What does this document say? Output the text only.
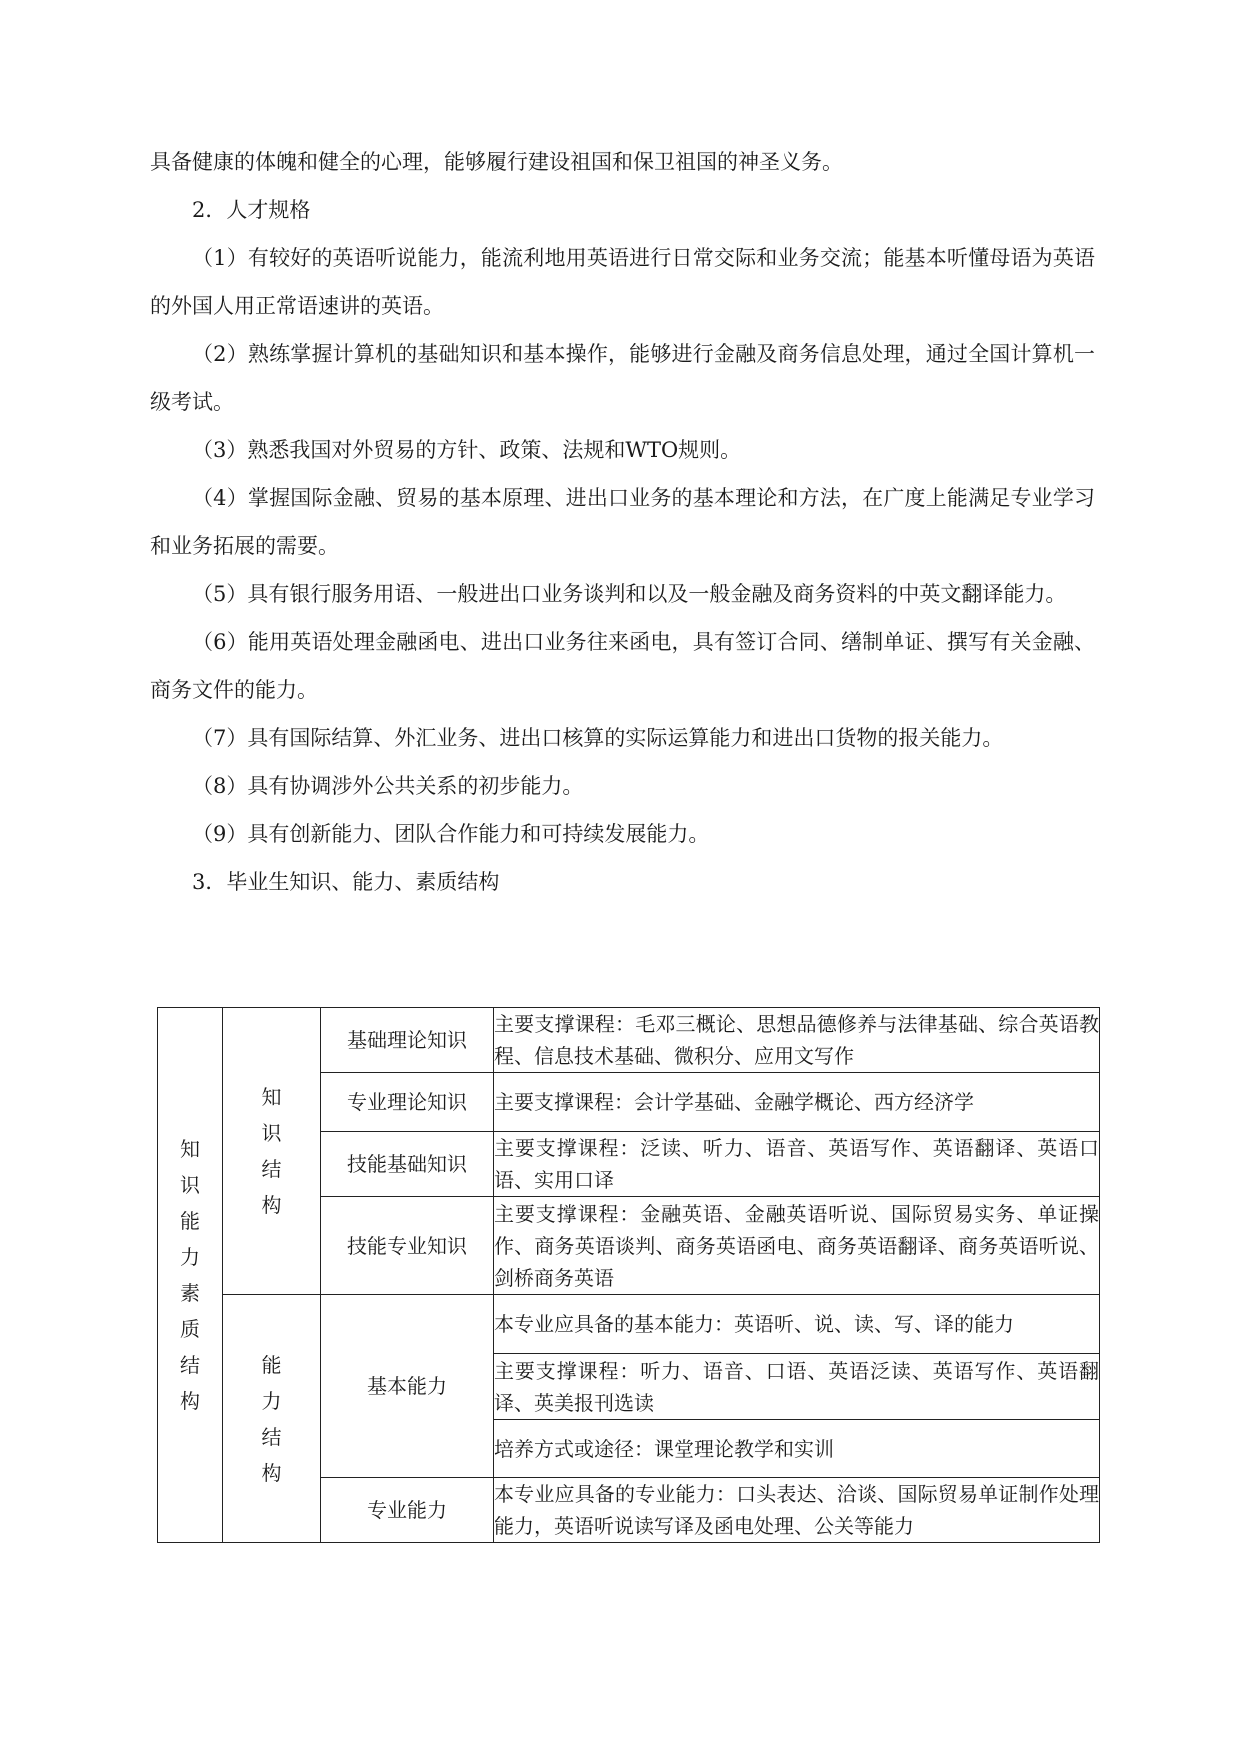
具备健康的体魄和健全的心理，能够履行建设祖国和保卫祖国的神圣义务。

2．人才规格

（1）有较好的英语听说能力，能流利地用英语进行日常交际和业务交流；能基本听懂母语为英语的外国人用正常语速讲的英语。

（2）熟练掌握计算机的基础知识和基本操作，能够进行金融及商务信息处理，通过全国计算机一级考试。

（3）熟悉我国对外贸易的方针、政策、法规和WTO规则。

（4）掌握国际金融、贸易的基本原理、进出口业务的基本理论和方法，在广度上能满足专业学习和业务拓展的需要。

（5）具有银行服务用语、一般进出口业务谈判和以及一般金融及商务资料的中英文翻译能力。

（6）能用英语处理金融函电、进出口业务往来函电，具有签订合同、缮制单证、撰写有关金融、商务文件的能力。

（7）具有国际结算、外汇业务、进出口核算的实际运算能力和进出口货物的报关能力。

（8）具有协调涉外公共关系的初步能力。

（9）具有创新能力、团队合作能力和可持续发展能力。

3．毕业生知识、能力、素质结构

知识能力素质结构	知识结构	基础理论知识	主要支撑课程：毛邓三概论、思想品德修养与法律基础、综合英语教程、信息技术基础、微积分、应用文写作
		专业理论知识	主要支撑课程：会计学基础、金融学概论、西方经济学
		技能基础知识	主要支撑课程：泛读、听力、语音、英语写作、英语翻译、英语口语、实用口译
		技能专业知识	主要支撑课程：金融英语、金融英语听说、国际贸易实务、单证操作、商务英语谈判、商务英语函电、商务英语翻译、商务英语听说、剑桥商务英语
	能力结构	基本能力	本专业应具备的基本能力：英语听、说、读、写、译的能力
			主要支撑课程：听力、语音、口语、英语泛读、英语写作、英语翻译、英美报刊选读
			培养方式或途径：课堂理论教学和实训
		专业能力	本专业应具备的专业能力：口头表达、洽谈、国际贸易单证制作处理能力，英语听说读写译及函电处理、公关等能力
